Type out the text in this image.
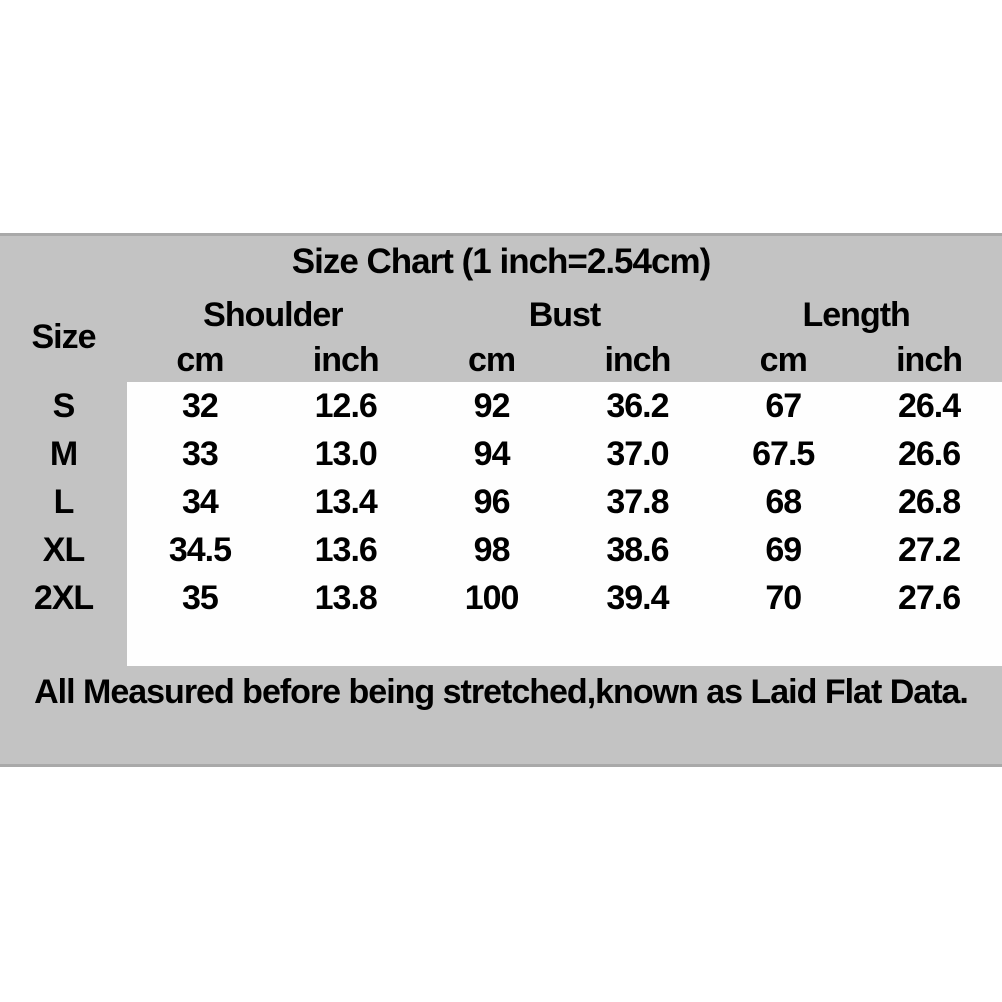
Size Chart (1 inch=2.54cm)
Size
Shoulder	Bust	Length
cm	inch	cm	inch	cm	inch
S	32	12.6	92	36.2	67	26.4
M	33	13.0	94	37.0	67.5	26.6
L	34	13.4	96	37.8	68	26.8
XL	34.5	13.6	98	38.6	69	27.2
2XL	35	13.8	100	39.4	70	27.6
All Measured before being stretched,known as Laid Flat Data.
